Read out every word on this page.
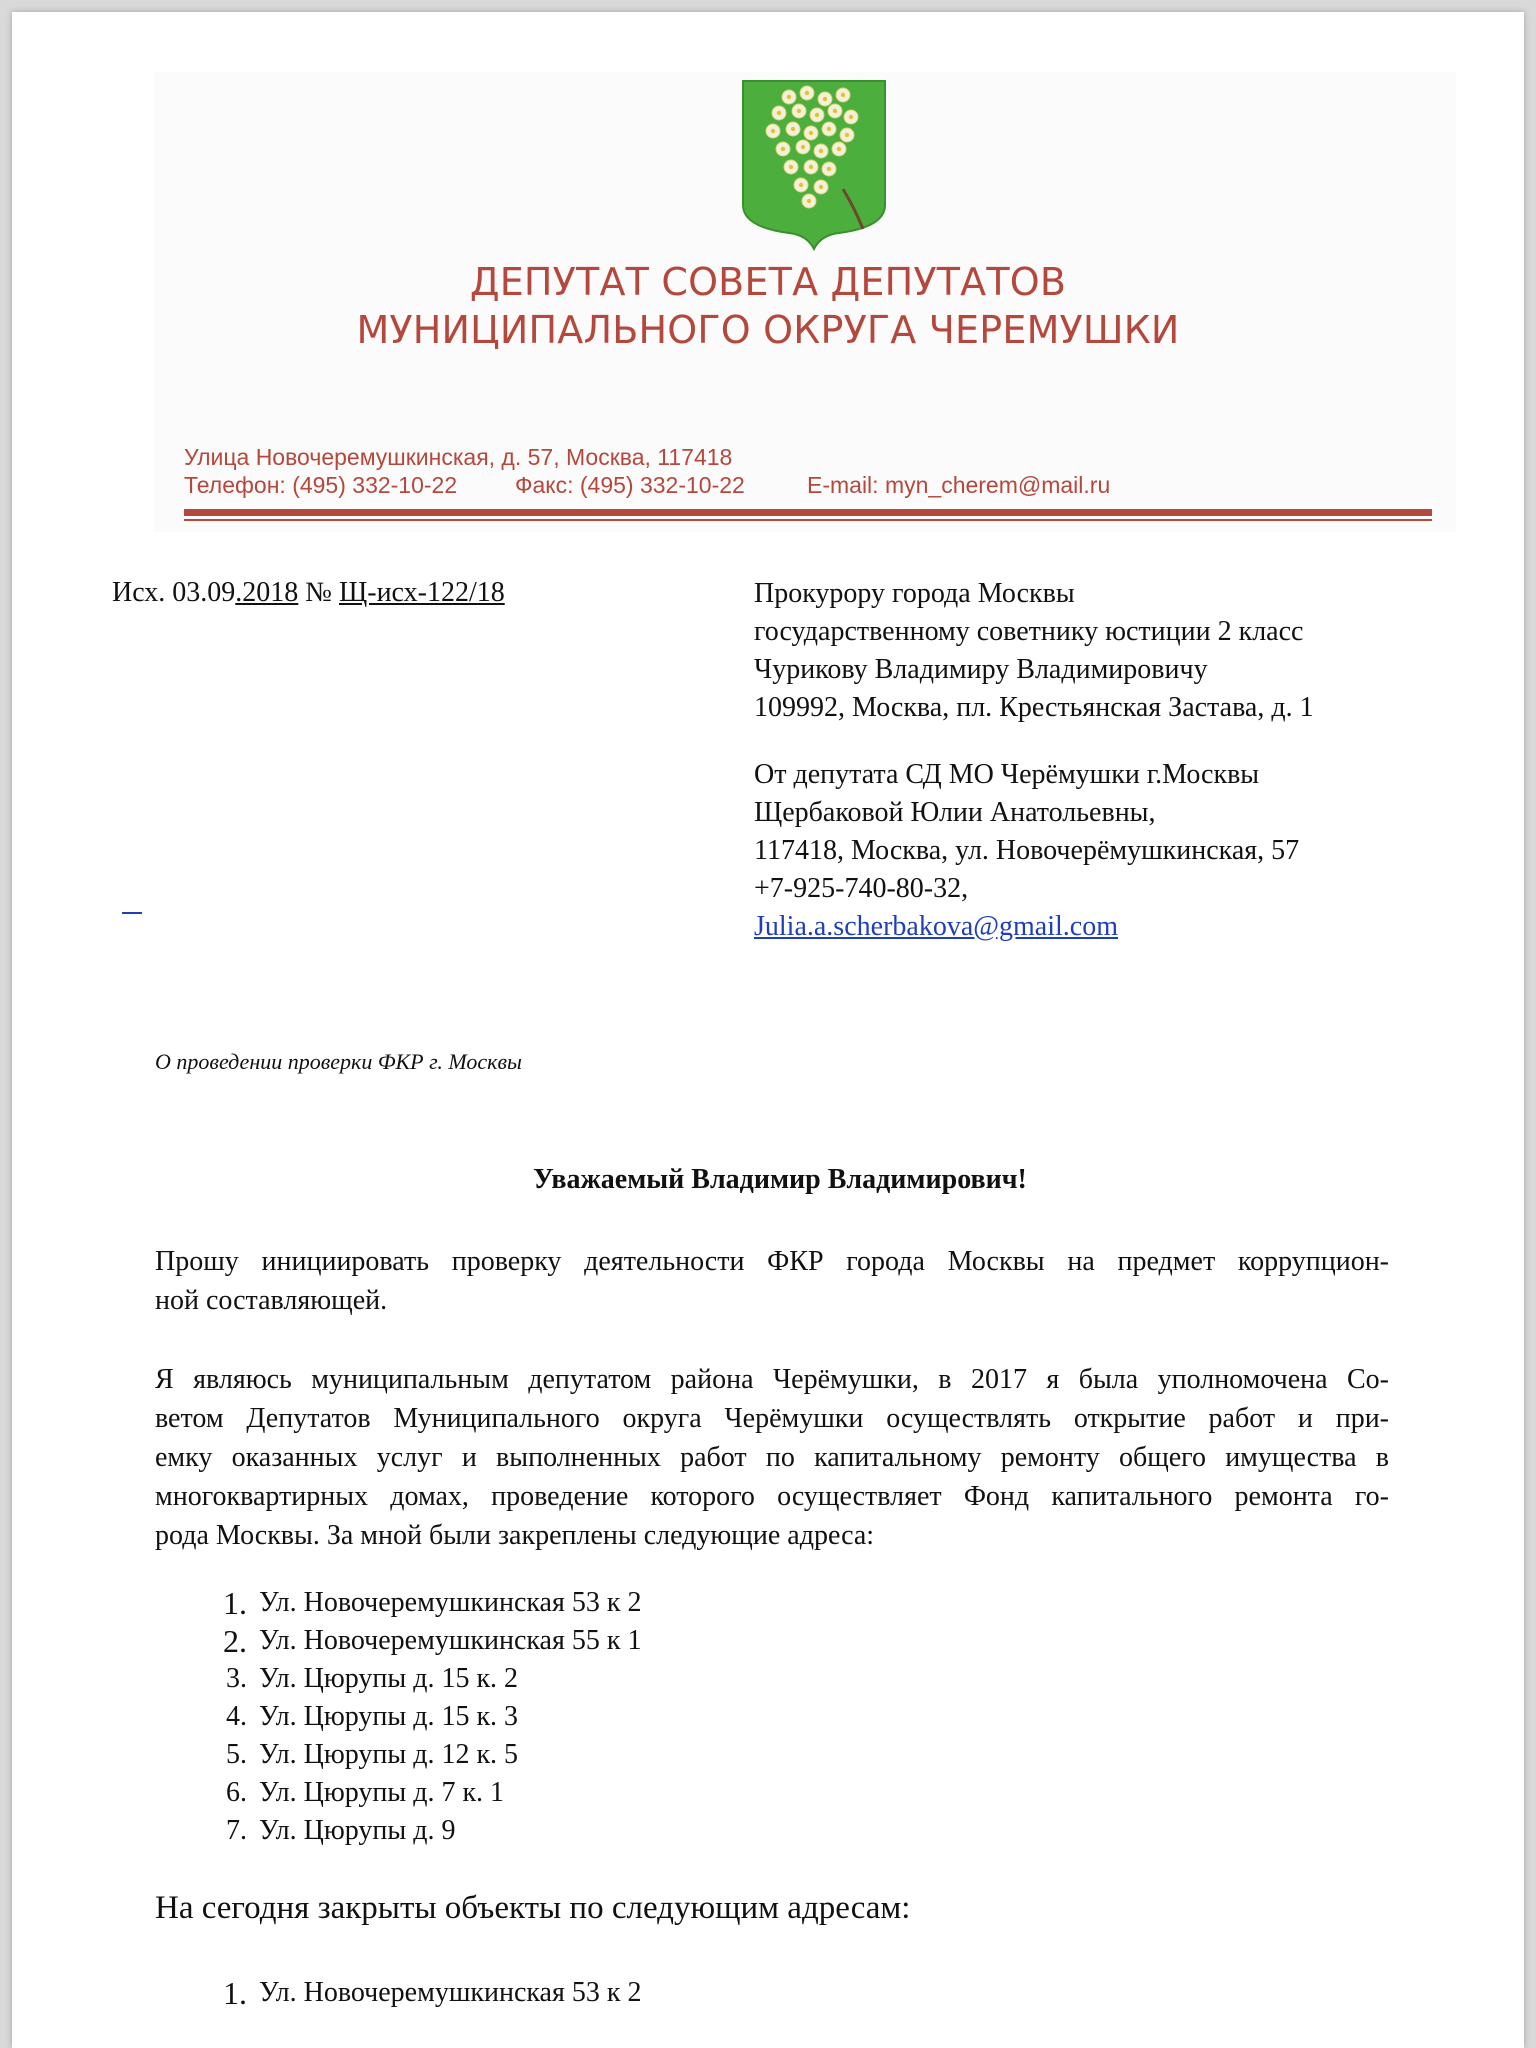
ДЕПУТАТ СОВЕТА ДЕПУТАТОВ
МУНИЦИПАЛЬНОГО ОКРУГА ЧЕРЕМУШКИ
Улица Новочеремушкинская, д. 57, Москва, 117418
Телефон: (495) 332-10-22	Факс: (495) 332-10-22	E-mail: myn_cherem@mail.ru
Исх. 03.09.2018 № Щ-исх-122/18	Прокурору города Москвы
государственному советнику юстиции 2 класс
Чурикову Владимиру Владимировичу
109992, Москва, пл. Крестьянская Застава, д. 1
От депутата СД МО Черёмушки г.Москвы
Щербаковой Юлии Анатольевны,
117418, Москва, ул. Новочерёмушкинская, 57
+7-925-740-80-32,
Julia.a.scherbakova@gmail.com
О проведении проверки ФКР г. Москвы
Уважаемый Владимир Владимирович!
Прошу инициировать проверку деятельности ФКР города Москвы на предмет коррупцион-
ной составляющей.
Я являюсь муниципальным депутатом района Черёмушки, в 2017 я была уполномочена Со-
ветом Депутатов Муниципального округа Черёмушки осуществлять открытие работ и при-
емку оказанных услуг и выполненных работ по капитальному ремонту общего имущества в
многоквартирных домах, проведение которого осуществляет Фонд капитального ремонта го-
рода Москвы. За мной были закреплены следующие адреса:
1. Ул. Новочеремушкинская 53 к 2
2. Ул. Новочеремушкинская 55 к 1
3. Ул. Цюрупы д. 15 к. 2
4. Ул. Цюрупы д. 15 к. 3
5. Ул. Цюрупы д. 12 к. 5
6. Ул. Цюрупы д. 7 к. 1
7. Ул. Цюрупы д. 9
На сегодня закрыты объекты по следующим адресам:
1. Ул. Новочеремушкинская 53 к 2
